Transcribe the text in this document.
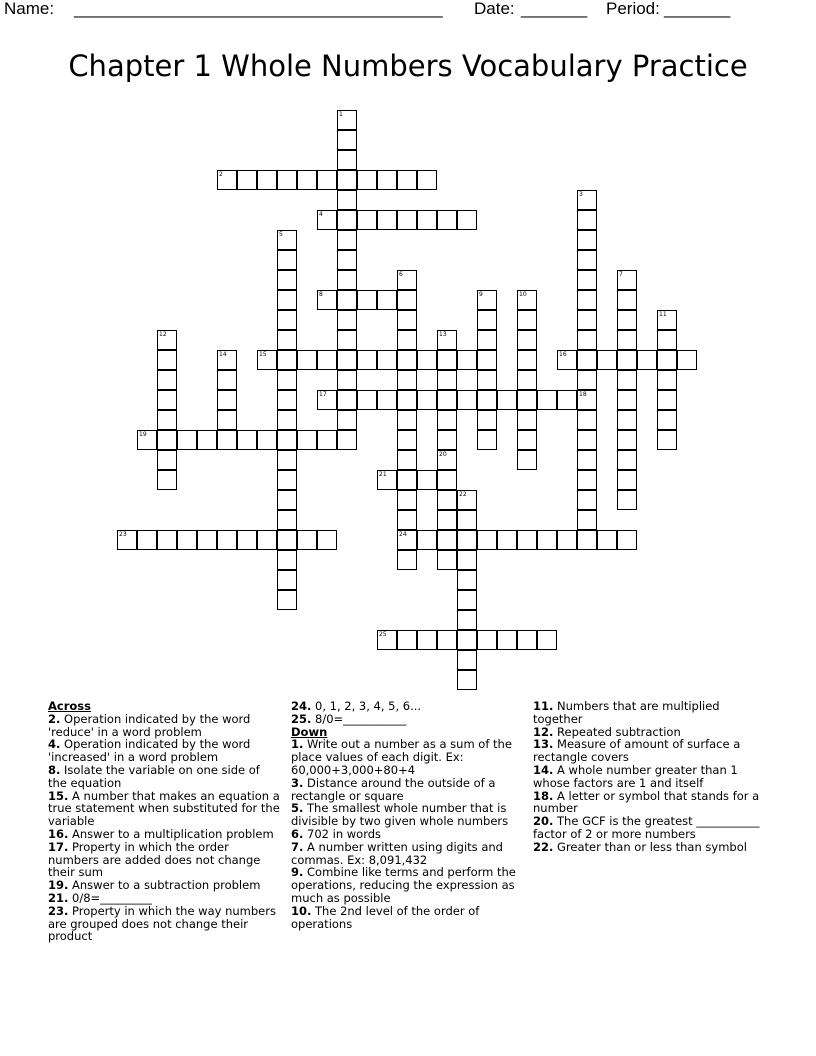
Name: _______________________________________ Date: _______ Period: _______
Chapter 1 Whole Numbers Vocabulary Practice
1
2
3
18
4
5
6
24
7
8	9	10
11
12	13
14	15	16
17
19
20
21
22
23
25
Across
2. Operation indicated by the word 'reduce' in a word problem
4. Operation indicated by the word 'increased' in a word problem
8. Isolate the variable on one side of the equation
15. A number that makes an equation a true statement when substituted for the variable
16. Answer to a multiplication problem
17. Property in which the order numbers are added does not change their sum
19. Answer to a subtraction problem
21. 0/8=_________
23. Property in which the way numbers are grouped does not change their product
24. 0, 1, 2, 3, 4, 5, 6...
25. 8/0=___________
Down
1. Write out a number as a sum of the place values of each digit. Ex: 60,000+3,000+80+4
3. Distance around the outside of a rectangle or square
5. The smallest whole number that is divisible by two given whole numbers
6. 702 in words
7. A number written using digits and commas. Ex: 8,091,432
9. Combine like terms and perform the operations, reducing the expression as much as possible
10. The 2nd level of the order of operations
11. Numbers that are multiplied together
12. Repeated subtraction
13. Measure of amount of surface a rectangle covers
14. A whole number greater than 1 whose factors are 1 and itself
18. A letter or symbol that stands for a number
20. The GCF is the greatest ___________ factor of 2 or more numbers
22. Greater than or less than symbol
